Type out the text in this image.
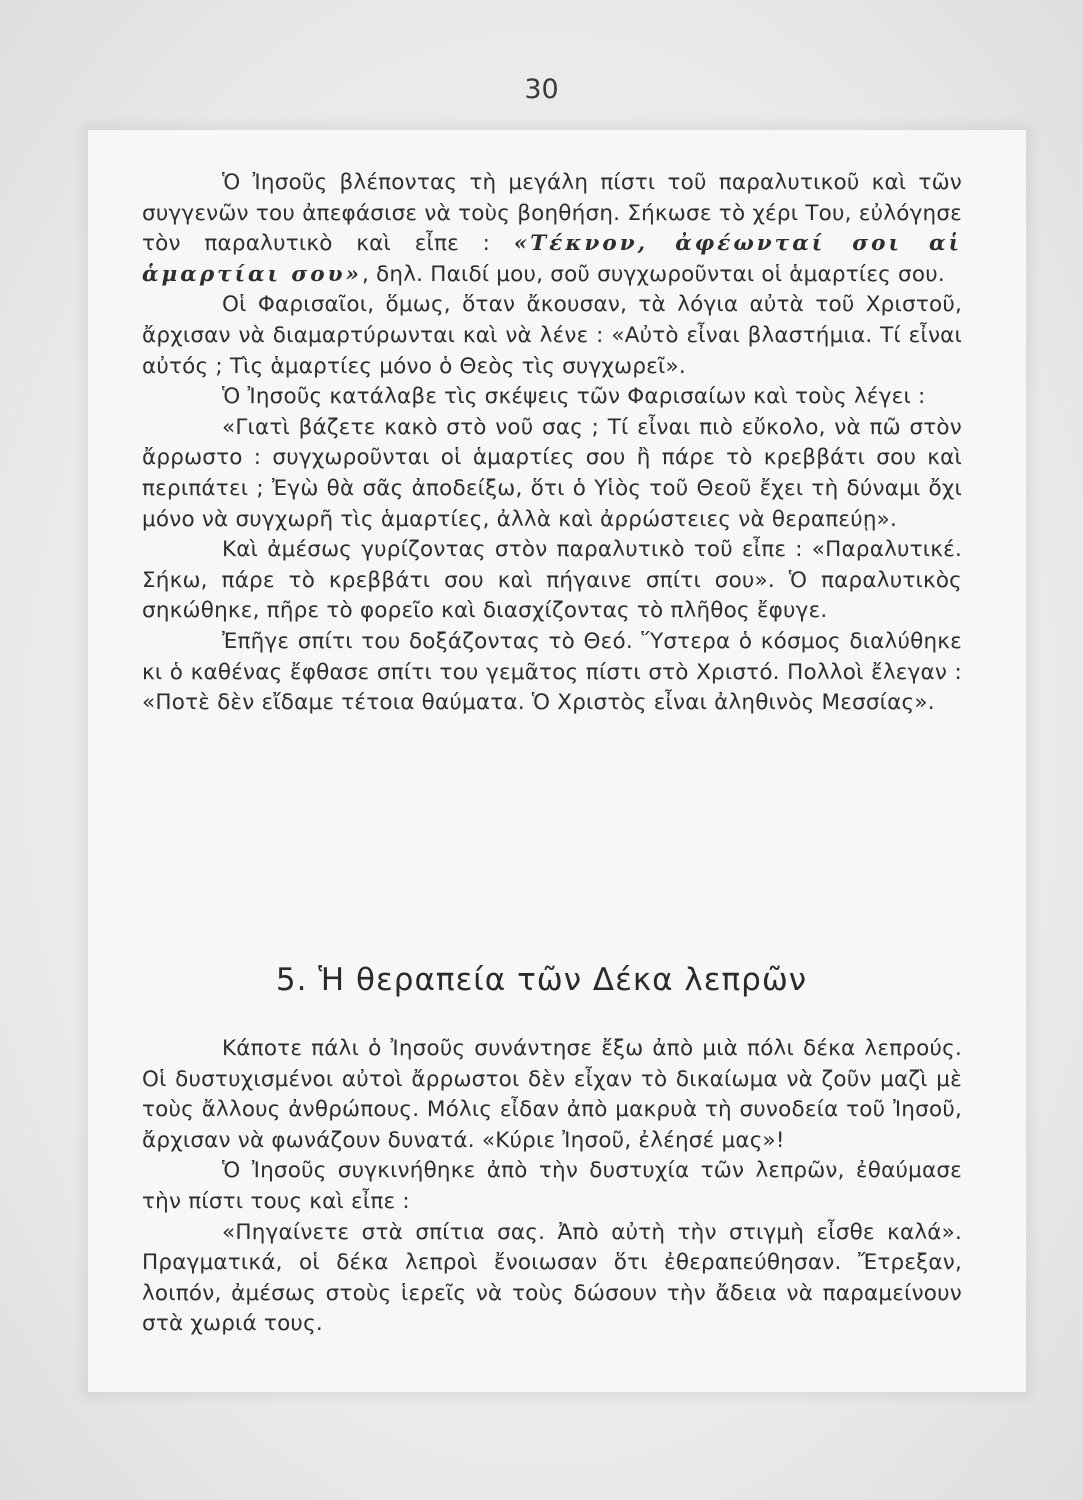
30

Ὁ Ἰησοῦς βλέποντας τὴ μεγάλη πίστι τοῦ παραλυτικοῦ καὶ τῶν συγγενῶν του ἀπεφάσισε νὰ τοὺς βοηθήση. Σήκωσε τὸ χέρι Του, εὐλόγησε τὸν παραλυτικὸ καὶ εἶπε : «Τέκνον, ἀφέωνταί σοι αἱ ἁμαρτίαι σου», δηλ. Παιδί μου, σοῦ συγχωροῦνται οἱ ἁμαρτίες σου.

Οἱ Φαρισαῖοι, ὅμως, ὅταν ἄκουσαν, τὰ λόγια αὐτὰ τοῦ Χριστοῦ, ἄρχισαν νὰ διαμαρτύρωνται καὶ νὰ λένε : «Αὐτὸ εἶναι βλαστήμια. Τί εἶναι αὐτός ; Τὶς ἁμαρτίες μόνο ὁ Θεὸς τὶς συγχωρεῖ».

Ὁ Ἰησοῦς κατάλαβε τὶς σκέψεις τῶν Φαρισαίων καὶ τοὺς λέγει :

«Γιατὶ βάζετε κακὸ στὸ νοῦ σας ; Τί εἶναι πιὸ εὔκολο, νὰ πῶ στὸν ἄρρωστο : συγχωροῦνται οἱ ἁμαρτίες σου ἢ πάρε τὸ κρεββάτι σου καὶ περιπάτει ; Ἐγὼ θὰ σᾶς ἀποδείξω, ὅτι ὁ Υἱὸς τοῦ Θεοῦ ἔχει τὴ δύναμι ὄχι μόνο νὰ συγχωρῆ τὶς ἁμαρτίες, ἀλλὰ καὶ ἀρρώστειες νὰ θεραπεύῃ».

Καὶ ἀμέσως γυρίζοντας στὸν παραλυτικὸ τοῦ εἶπε : «Παραλυτικέ. Σήκω, πάρε τὸ κρεββάτι σου καὶ πήγαινε σπίτι σου». Ὁ παραλυτικὸς σηκώθηκε, πῆρε τὸ φορεῖο καὶ διασχίζοντας τὸ πλῆθος ἔφυγε.

Ἐπῆγε σπίτι του δοξάζοντας τὸ Θεό. Ὕστερα ὁ κόσμος διαλύθηκε κι ὁ καθένας ἔφθασε σπίτι του γεμᾶτος πίστι στὸ Χριστό. Πολλοὶ ἔλεγαν : «Ποτὲ δὲν εἴδαμε τέτοια θαύματα. Ὁ Χριστὸς εἶναι ἀληθινὸς Μεσσίας».

5. Ἡ θεραπεία τῶν Δέκα λεπρῶν

Κάποτε πάλι ὁ Ἰησοῦς συνάντησε ἔξω ἀπὸ μιὰ πόλι δέκα λεπρούς. Οἱ δυστυχισμένοι αὐτοὶ ἄρρωστοι δὲν εἶχαν τὸ δικαίωμα νὰ ζοῦν μαζὶ μὲ τοὺς ἄλλους ἀνθρώπους. Μόλις εἶδαν ἀπὸ μακρυὰ τὴ συνοδεία τοῦ Ἰησοῦ, ἄρχισαν νὰ φωνάζουν δυνατά. «Κύριε Ἰησοῦ, ἐλέησέ μας»!

Ὁ Ἰησοῦς συγκινήθηκε ἀπὸ τὴν δυστυχία τῶν λεπρῶν, ἐθαύμασε τὴν πίστι τους καὶ εἶπε :

«Πηγαίνετε στὰ σπίτια σας. Ἀπὸ αὐτὴ τὴν στιγμὴ εἶσθε καλά». Πραγματικά, οἱ δέκα λεπροὶ ἔνοιωσαν ὅτι ἐθεραπεύθησαν. Ἔτρεξαν, λοιπόν, ἀμέσως στοὺς ἱερεῖς νὰ τοὺς δώσουν τὴν ἄδεια νὰ παραμείνουν στὰ χωριά τους.
